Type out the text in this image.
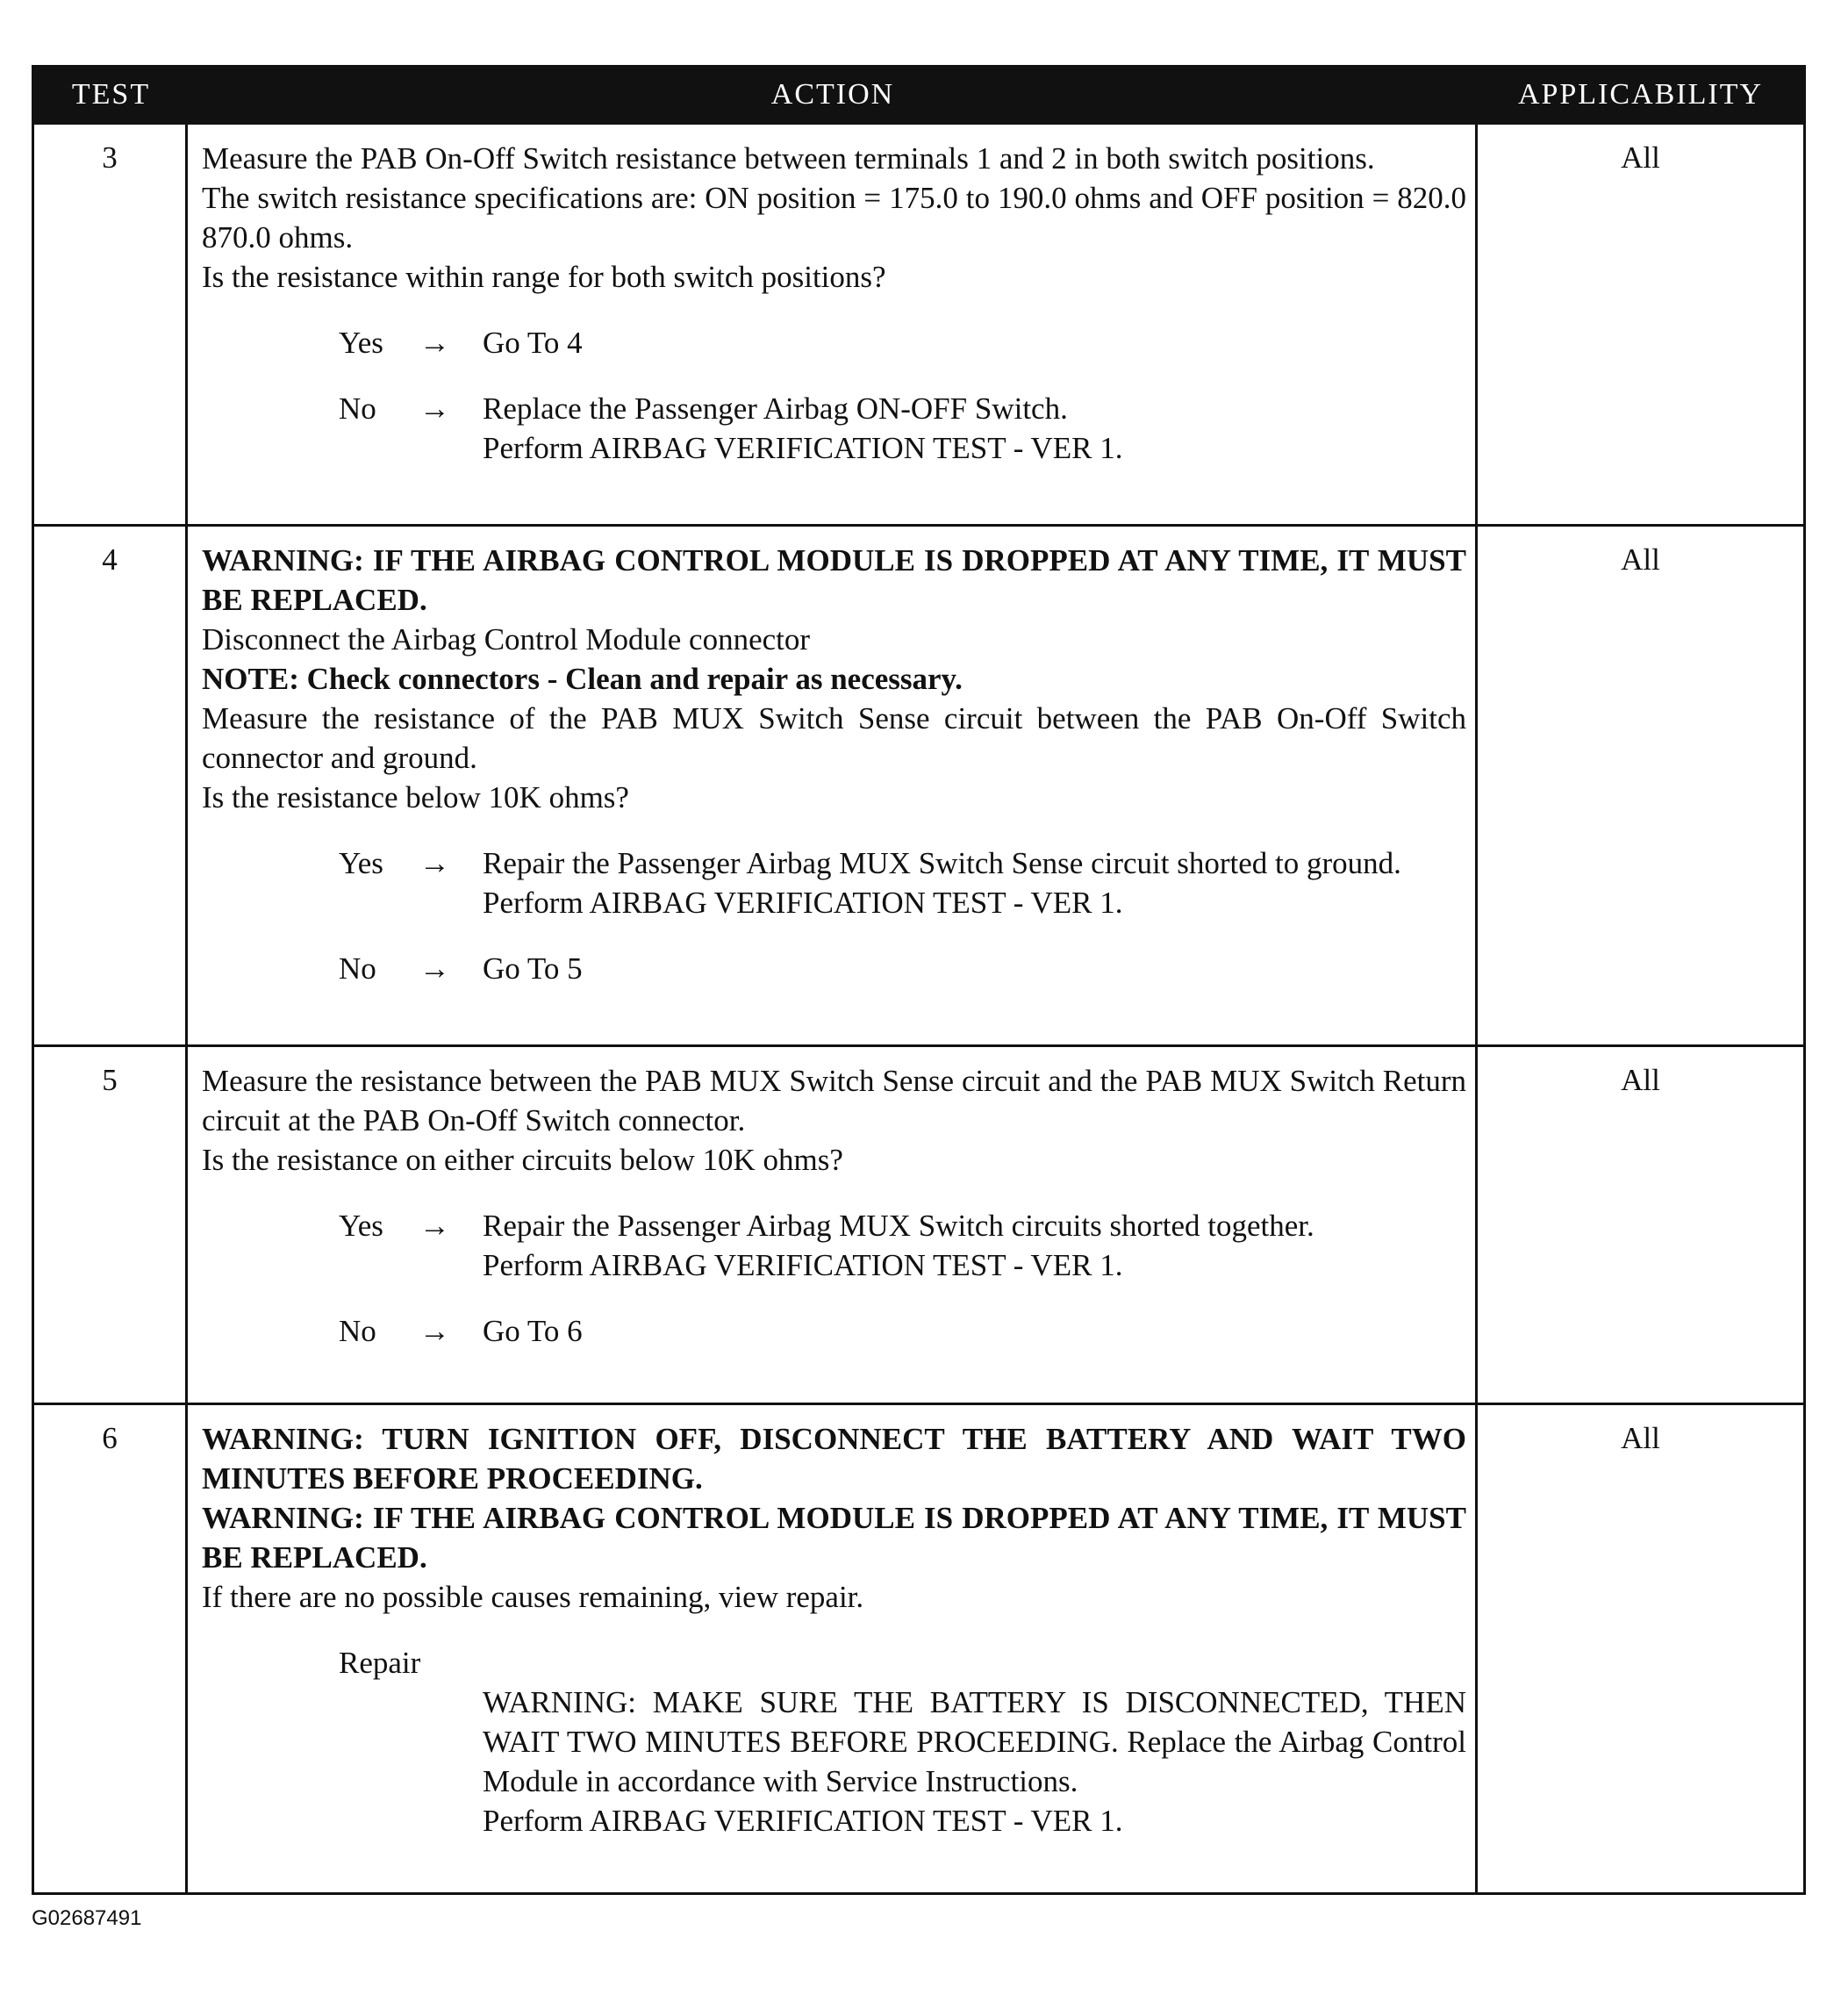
TEST	ACTION	APPLICABILITY
3	Measure the PAB On-Off Switch resistance between terminals 1 and 2 in both switch positions.
The switch resistance specifications are: ON position = 175.0 to 190.0 ohms and OFF position = 820.0 870.0 ohms.
Is the resistance within range for both switch positions?
Yes	→	Go To 4
No	→	Replace the Passenger Airbag ON-OFF Switch.
Perform AIRBAG VERIFICATION TEST - VER 1.
All
4	WARNING: IF THE AIRBAG CONTROL MODULE IS DROPPED AT ANY TIME, IT MUST BE REPLACED.
Disconnect the Airbag Control Module connector
NOTE: Check connectors - Clean and repair as necessary.
Measure the resistance of the PAB MUX Switch Sense circuit between the PAB On-Off Switch connector and ground.
Is the resistance below 10K ohms?
Yes	→	Repair the Passenger Airbag MUX Switch Sense circuit shorted to ground.
Perform AIRBAG VERIFICATION TEST - VER 1.
No	→	Go To 5
All
5	Measure the resistance between the PAB MUX Switch Sense circuit and the PAB MUX Switch Return circuit at the PAB On-Off Switch connector.
Is the resistance on either circuits below 10K ohms?
Yes	→	Repair the Passenger Airbag MUX Switch circuits shorted together.
Perform AIRBAG VERIFICATION TEST - VER 1.
No	→	Go To 6
All
6	WARNING: TURN IGNITION OFF, DISCONNECT THE BATTERY AND WAIT TWO MINUTES BEFORE PROCEEDING.
WARNING: IF THE AIRBAG CONTROL MODULE IS DROPPED AT ANY TIME, IT MUST BE REPLACED.
If there are no possible causes remaining, view repair.
Repair
WARNING: MAKE SURE THE BATTERY IS DISCONNECTED, THEN WAIT TWO MINUTES BEFORE PROCEEDING. Replace the Airbag Control Module in accordance with Service Instructions.
Perform AIRBAG VERIFICATION TEST - VER 1.
All
G02687491
